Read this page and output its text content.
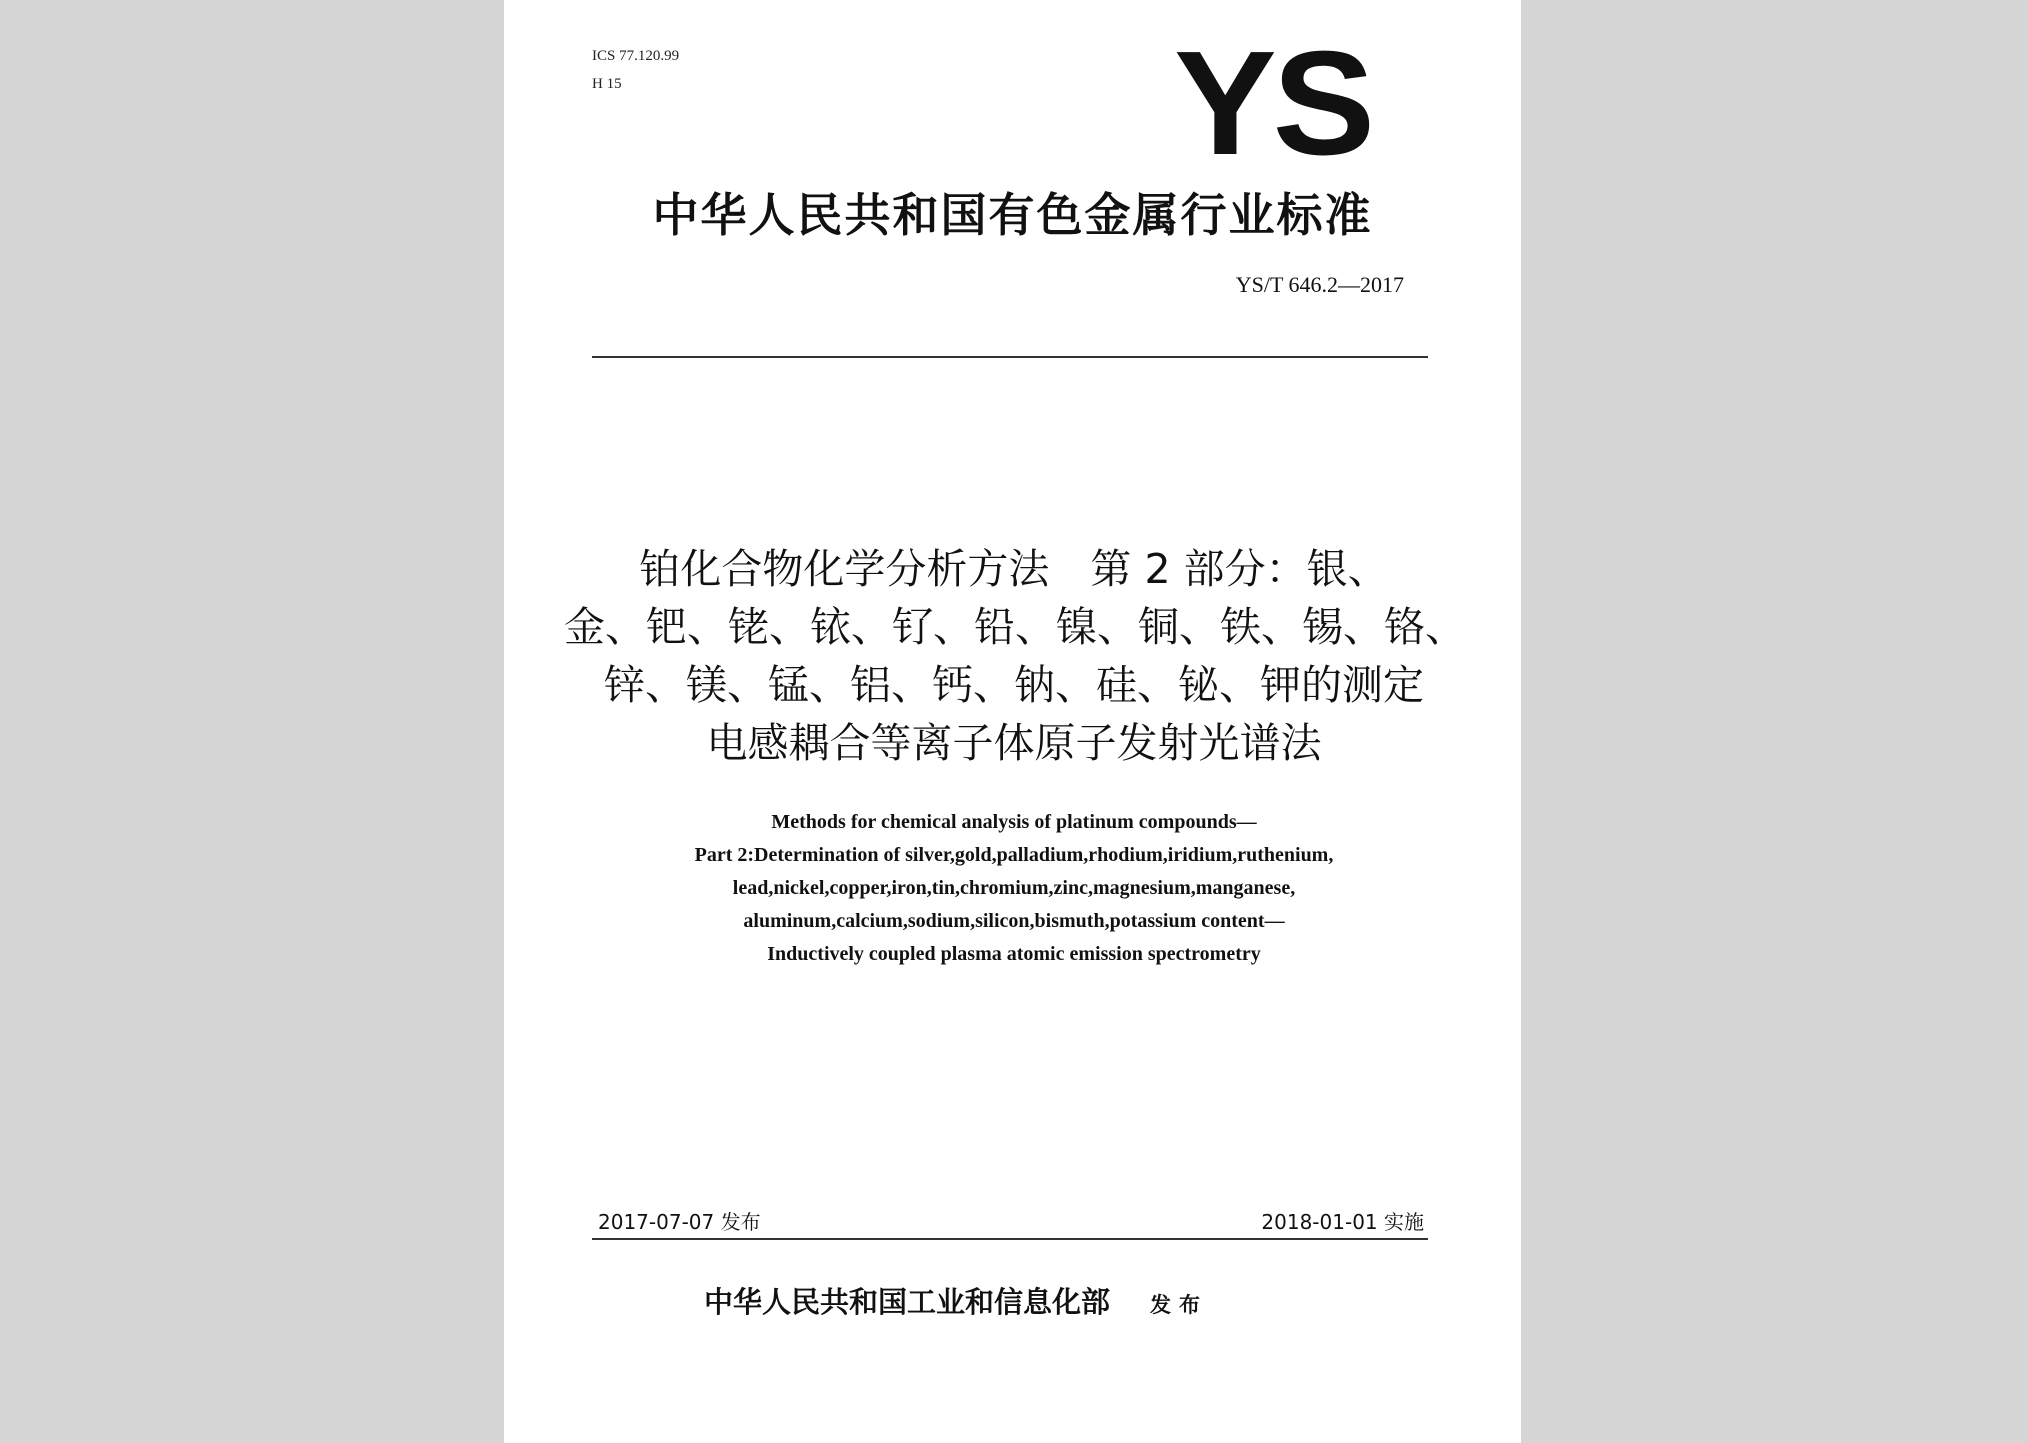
ICS 77.120.99
H 15	YS
中华人民共和国有色金属行业标准
YS/T 646.2—2017
铂化合物化学分析方法　第 2 部分：银、
金、钯、铑、铱、钌、铅、镍、铜、铁、锡、铬、
锌、镁、锰、铝、钙、钠、硅、铋、钾的测定
电感耦合等离子体原子发射光谱法
Methods for chemical analysis of platinum compounds—
Part 2:Determination of silver,gold,palladium,rhodium,iridium,ruthenium,
lead,nickel,copper,iron,tin,chromium,zinc,magnesium,manganese,
aluminum,calcium,sodium,silicon,bismuth,potassium content—
Inductively coupled plasma atomic emission spectrometry
2017-07-07 发布	2018-01-01 实施
中华人民共和国工业和信息化部 发布
